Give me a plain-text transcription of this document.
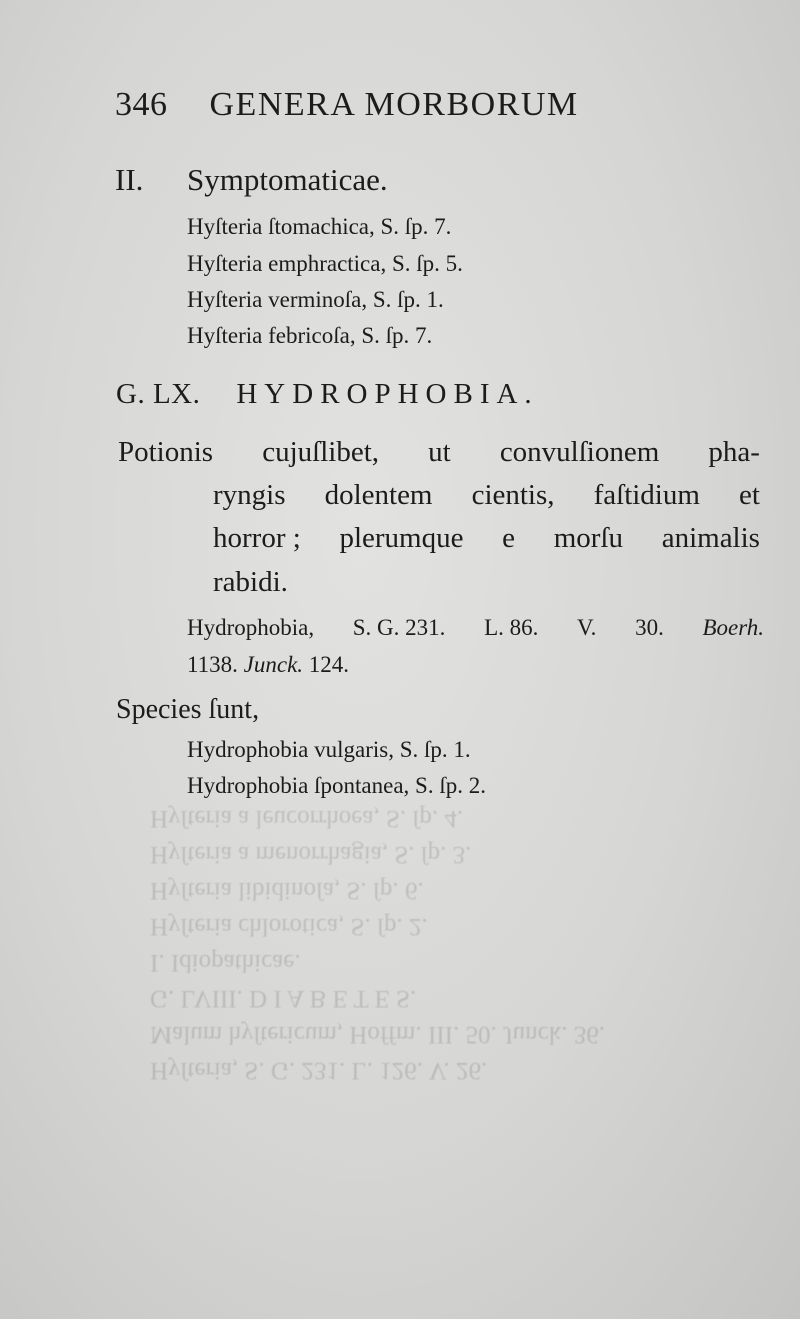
Hyſteria, S. G. 231. L. 126. V. 26.
Malum hyſtericum, Hoffm. III. 50. Junck. 36.
G. LVIII. D I A B E T E S.
I. Idiopathicae.
Hyſteria chlorotica, S. ſp. 2.
Hyſteria libidinoſa, S. ſp. 6.
Hyſteria a menorrhagia, S. ſp. 3.
Hyſteria a leucorrhoea, S. ſp. 4.
346 GENERA MORBORUM
II. Symptomaticae.
Hyſteria ſtomachica, S. ſp. 7.
Hyſteria emphractica, S. ſp. 5.
Hyſteria verminoſa, S. ſp. 1.
Hyſteria febricoſa, S. ſp. 7.
G. LX. HYDROPHOBIA.
Potionis cujuſlibet, ut convulſionem pha-
ryngis dolentem cientis, faſtidium et
horror ; plerumque e morſu animalis
rabidi.
Hydrophobia, S. G. 231. L. 86. V. 30. Boerh.
1138. Junck. 124.
Species ſunt,
Hydrophobia vulgaris, S. ſp. 1.
Hydrophobia ſpontanea, S. ſp. 2.
